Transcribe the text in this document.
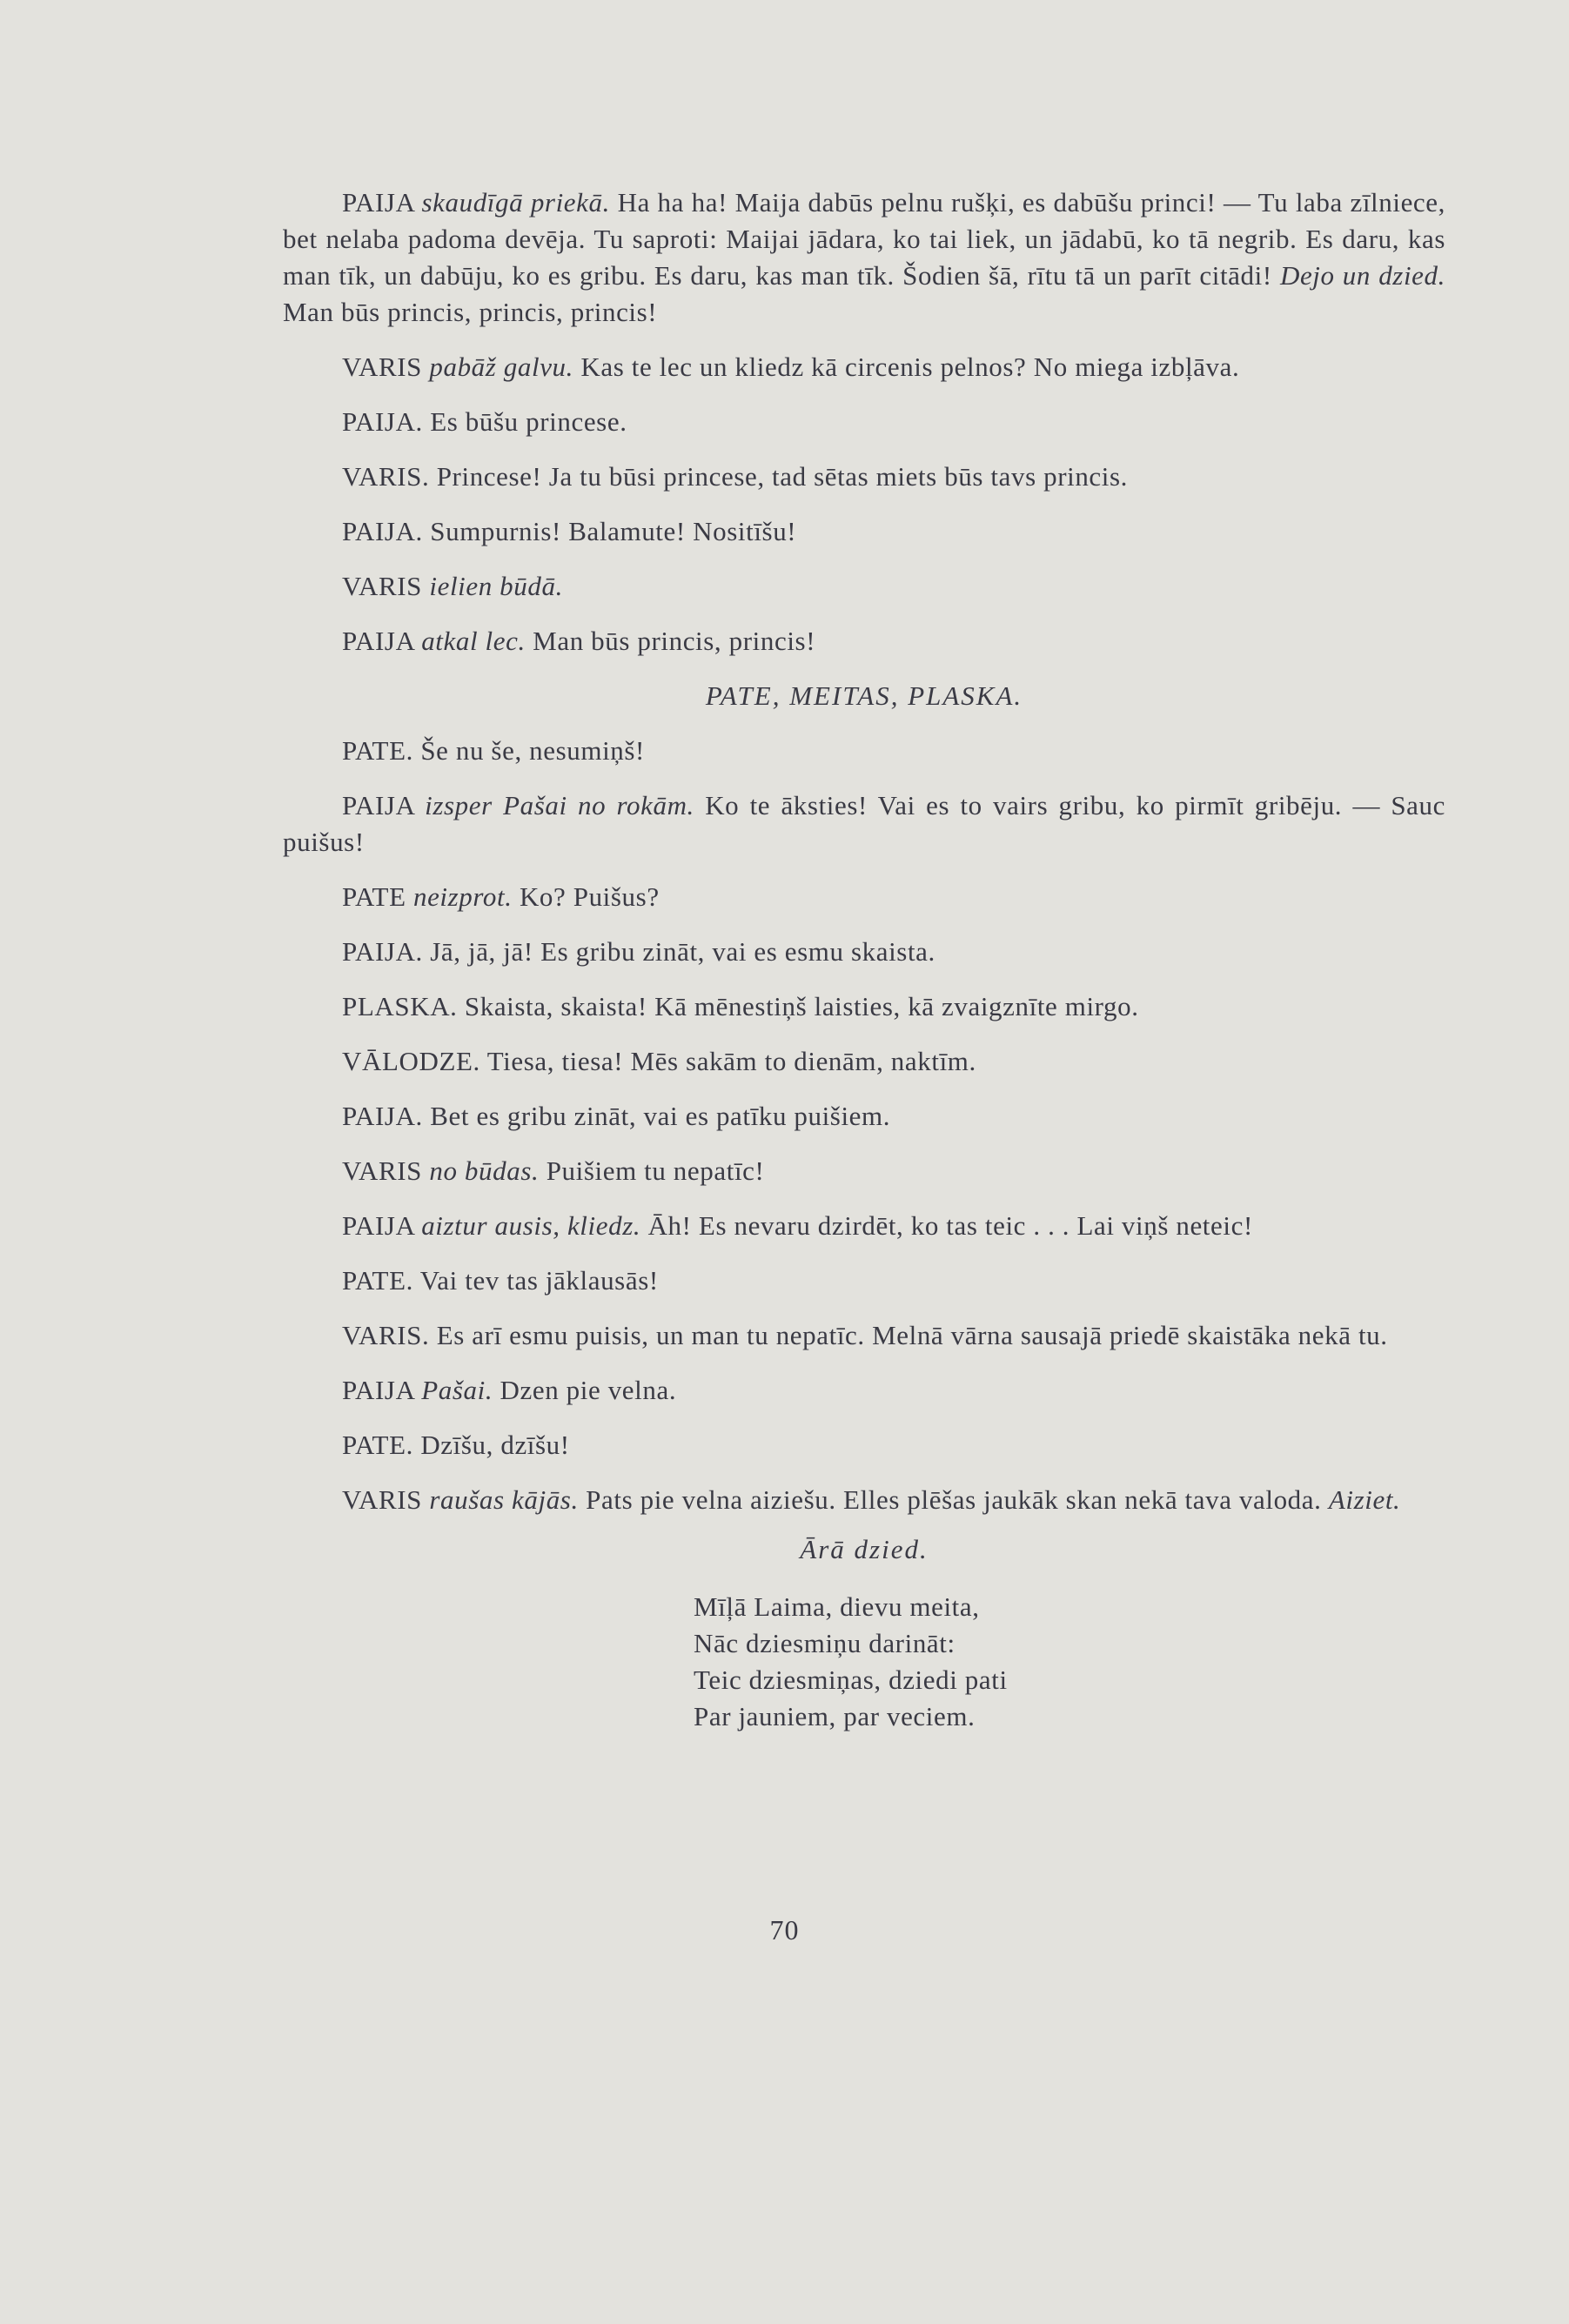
PAIJA skaudīgā priekā. Ha ha ha! Maija dabūs pelnu rušķi, es dabūšu princi! — Tu laba zīlniece, bet nelaba padoma devēja. Tu saproti: Maijai jādara, ko tai liek, un jādabū, ko tā negrib. Es daru, kas man tīk, un dabūju, ko es gribu. Es daru, kas man tīk. Šodien šā, rītu tā un parīt citādi! Dejo un dzied. Man būs princis, princis, princis!

VARIS pabāž galvu. Kas te lec un kliedz kā circenis pelnos? No miega izbļāva.

PAIJA. Es būšu princese.

VARIS. Princese! Ja tu būsi princese, tad sētas miets būs tavs princis.

PAIJA. Sumpurnis! Balamute! Nositīšu!

VARIS ielien būdā.

PAIJA atkal lec. Man būs princis, princis!

PATE, MEITAS, PLASKA.

PATE. Še nu še, nesumiņš!

PAIJA izsper Pašai no rokām. Ko te āksties! Vai es to vairs gribu, ko pirmīt gribēju. — Sauc puišus!

PATE neizprot. Ko? Puišus?

PAIJA. Jā, jā, jā! Es gribu zināt, vai es esmu skaista.

PLASKA. Skaista, skaista! Kā mēnestiņš laisties, kā zvaigznīte mirgo.

VĀLODZE. Tiesa, tiesa! Mēs sakām to dienām, naktīm.

PAIJA. Bet es gribu zināt, vai es patīku puišiem.

VARIS no būdas. Puišiem tu nepatīc!

PAIJA aiztur ausis, kliedz. Āh! Es nevaru dzirdēt, ko tas teic . . . Lai viņš neteic!

PATE. Vai tev tas jāklausās!

VARIS. Es arī esmu puisis, un man tu nepatīc. Melnā vārna sausajā priedē skaistāka nekā tu.

PAIJA Pašai. Dzen pie velna.

PATE. Dzīšu, dzīšu!

VARIS raušas kājās. Pats pie velna aiziešu. Elles plēšas jaukāk skan nekā tava valoda. Aiziet.

Ārā dzied.
Mīļā Laima, dievu meita,
Nāc dziesmiņu darināt:
Teic dziesmiņas, dziedi pati
Par jauniem, par veciem.
70
